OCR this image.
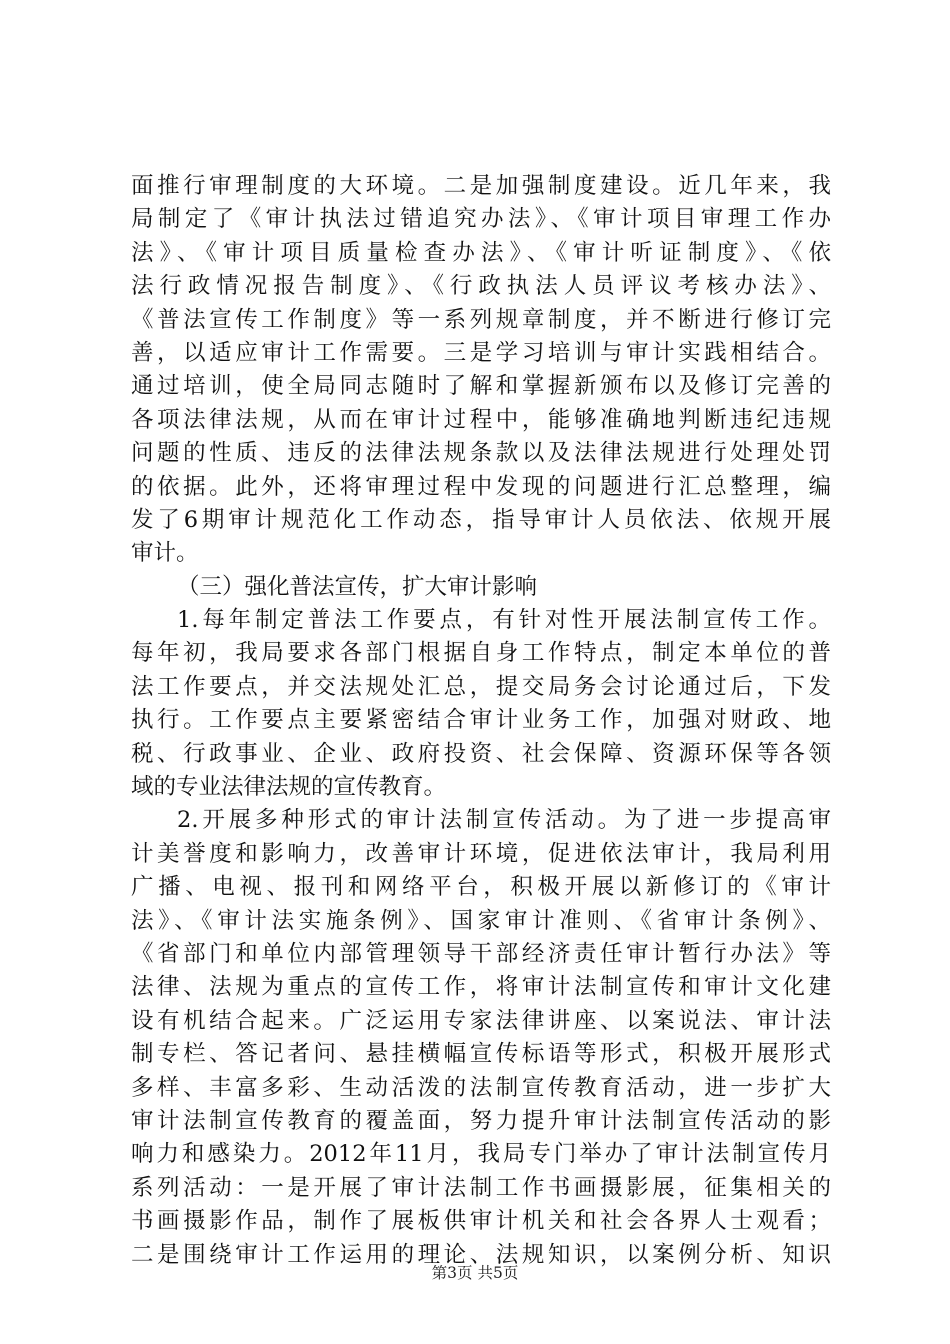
面推行审理制度的大环境。二是加强制度建设。近几年来，我
局制定了《审计执法过错追究办法》、《审计项目审理工作办
法》、《审计项目质量检查办法》、《审计听证制度》、《依
法行政情况报告制度》、《行政执法人员评议考核办法》、
《普法宣传工作制度》等一系列规章制度，并不断进行修订完
善，以适应审计工作需要。三是学习培训与审计实践相结合。
通过培训，使全局同志随时了解和掌握新颁布以及修订完善的
各项法律法规，从而在审计过程中，能够准确地判断违纪违规
问题的性质、违反的法律法规条款以及法律法规进行处理处罚
的依据。此外，还将审理过程中发现的问题进行汇总整理，编
发了6期审计规范化工作动态，指导审计人员依法、依规开展
审计。
（三）强化普法宣传，扩大审计影响
1.每年制定普法工作要点，有针对性开展法制宣传工作。
每年初，我局要求各部门根据自身工作特点，制定本单位的普
法工作要点，并交法规处汇总，提交局务会讨论通过后，下发
执行。工作要点主要紧密结合审计业务工作，加强对财政、地
税、行政事业、企业、政府投资、社会保障、资源环保等各领
域的专业法律法规的宣传教育。
2.开展多种形式的审计法制宣传活动。为了进一步提高审
计美誉度和影响力，改善审计环境，促进依法审计，我局利用
广播、电视、报刊和网络平台，积极开展以新修订的《审计
法》、《审计法实施条例》、国家审计准则、《省审计条例》、
《省部门和单位内部管理领导干部经济责任审计暂行办法》等
法律、法规为重点的宣传工作，将审计法制宣传和审计文化建
设有机结合起来。广泛运用专家法律讲座、以案说法、审计法
制专栏、答记者问、悬挂横幅宣传标语等形式，积极开展形式
多样、丰富多彩、生动活泼的法制宣传教育活动，进一步扩大
审计法制宣传教育的覆盖面，努力提升审计法制宣传活动的影
响力和感染力。2012年11月，我局专门举办了审计法制宣传月
系列活动：一是开展了审计法制工作书画摄影展，征集相关的
书画摄影作品，制作了展板供审计机关和社会各界人士观看；
二是围绕审计工作运用的理论、法规知识，以案例分析、知识
第3页 共5页
